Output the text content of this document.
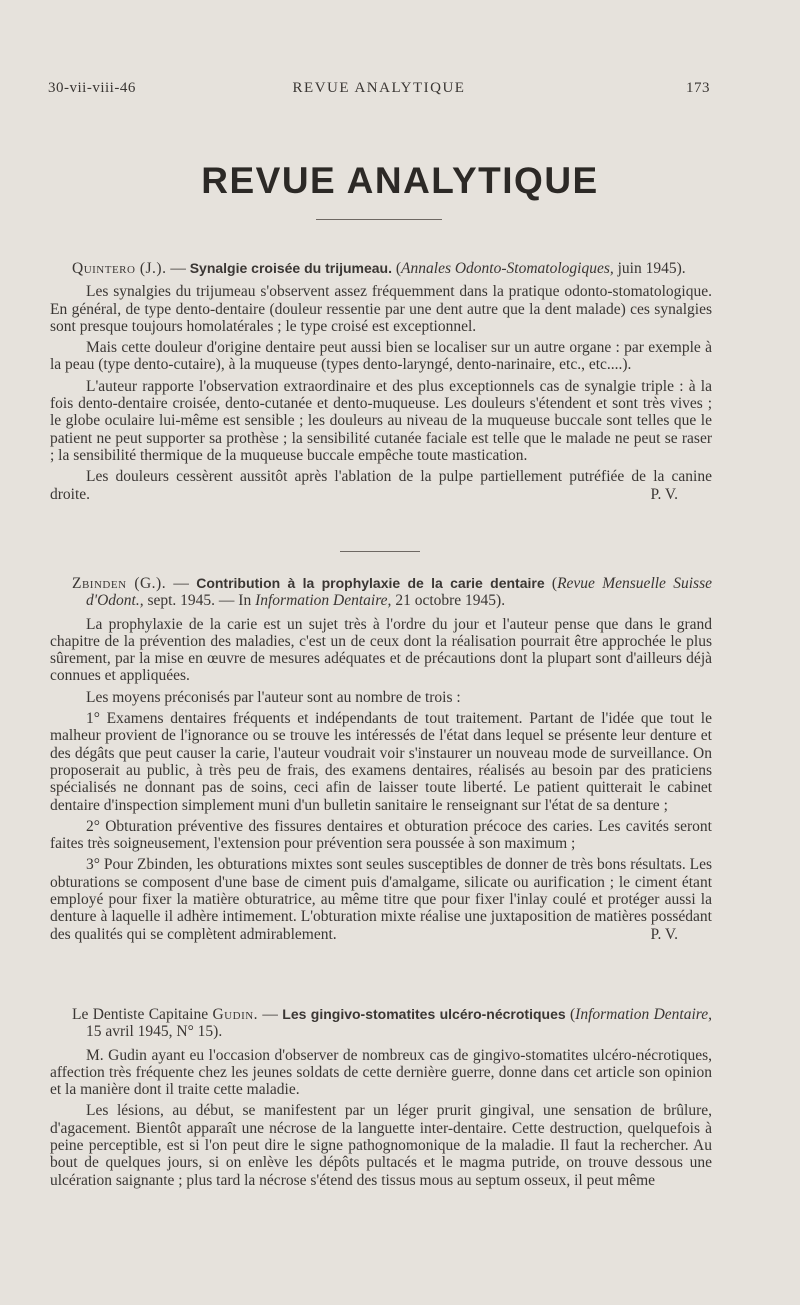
30-vii-viii-46	REVUE ANALYTIQUE	173
REVUE ANALYTIQUE

Quintero (J.). — Synalgie croisée du trijumeau. (Annales Odonto-Stomatologiques, juin 1945).

Les synalgies du trijumeau s'observent assez fréquemment dans la pratique odonto-stomatologique. En général, de type dento-dentaire (douleur ressentie par une dent autre que la dent malade) ces synalgies sont presque toujours homolatérales ; le type croisé est exceptionnel.

Mais cette douleur d'origine dentaire peut aussi bien se localiser sur un autre organe : par exemple à la peau (type dento-cutaire), à la muqueuse (types dento-laryngé, dento-narinaire, etc., etc....).

L'auteur rapporte l'observation extraordinaire et des plus exceptionnels cas de synalgie triple : à la fois dento-dentaire croisée, dento-cutanée et dento-muqueuse. Les douleurs s'étendent et sont très vives ; le globe oculaire lui-même est sensible ; les douleurs au niveau de la muqueuse buccale sont telles que le patient ne peut supporter sa prothèse ; la sensibilité cutanée faciale est telle que le malade ne peut se raser ; la sensibilité thermique de la muqueuse buccale empêche toute mastication.

Les douleurs cessèrent aussitôt après l'ablation de la pulpe partiellement putréfiée de la canine droite.	P. V.

Zbinden (G.). — Contribution à la prophylaxie de la carie dentaire (Revue Mensuelle Suisse d'Odont., sept. 1945. — In Information Dentaire, 21 octobre 1945).

La prophylaxie de la carie est un sujet très à l'ordre du jour et l'auteur pense que dans le grand chapitre de la prévention des maladies, c'est un de ceux dont la réalisation pourrait être approchée le plus sûrement, par la mise en œuvre de mesures adéquates et de précautions dont la plupart sont d'ailleurs déjà connues et appliquées.

Les moyens préconisés par l'auteur sont au nombre de trois :

1° Examens dentaires fréquents et indépendants de tout traitement. Partant de l'idée que tout le malheur provient de l'ignorance ou se trouve les intéressés de l'état dans lequel se présente leur denture et des dégâts que peut causer la carie, l'auteur voudrait voir s'instaurer un nouveau mode de surveillance. On proposerait au public, à très peu de frais, des examens dentaires, réalisés au besoin par des praticiens spécialisés ne donnant pas de soins, ceci afin de laisser toute liberté. Le patient quitterait le cabinet dentaire d'inspection simplement muni d'un bulletin sanitaire le renseignant sur l'état de sa denture ;

2° Obturation préventive des fissures dentaires et obturation précoce des caries. Les cavités seront faites très soigneusement, l'extension pour prévention sera poussée à son maximum ;

3° Pour Zbinden, les obturations mixtes sont seules susceptibles de donner de très bons résultats. Les obturations se composent d'une base de ciment puis d'amalgame, silicate ou aurification ; le ciment étant employé pour fixer la matière obturatrice, au même titre que pour fixer l'inlay coulé et protéger aussi la denture à laquelle il adhère intimement. L'obturation mixte réalise une juxtaposition de matières possédant des qualités qui se complètent admirablement.	P. V.

Le Dentiste Capitaine Gudin. — Les gingivo-stomatites ulcéro-nécrotiques (Information Dentaire, 15 avril 1945, N° 15).

M. Gudin ayant eu l'occasion d'observer de nombreux cas de gingivo-stomatites ulcéro-nécrotiques, affection très fréquente chez les jeunes soldats de cette dernière guerre, donne dans cet article son opinion et la manière dont il traite cette maladie.

Les lésions, au début, se manifestent par un léger prurit gingival, une sensation de brûlure, d'agacement. Bientôt apparaît une nécrose de la languette inter-dentaire. Cette destruction, quelquefois à peine perceptible, est si l'on peut dire le signe pathognomonique de la maladie. Il faut la rechercher. Au bout de quelques jours, si on enlève les dépôts pultacés et le magma putride, on trouve dessous une ulcération saignante ; plus tard la nécrose s'étend des tissus mous au septum osseux, il peut même
